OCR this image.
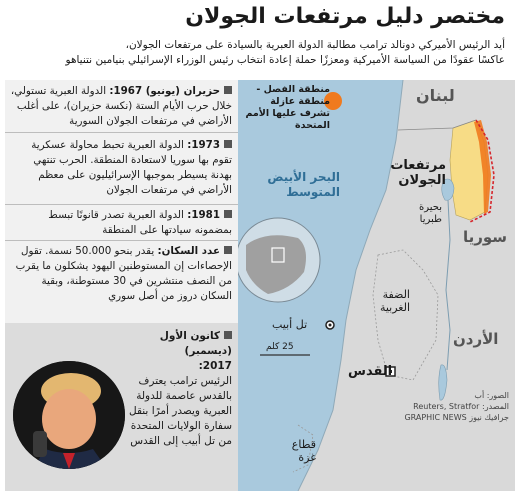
مختصر دليل مرتفعات الجولان
أيد الرئيس الأميركي دونالد ترامب مطالبة الدولة العبرية بالسيادة على مرتفعات الجولان،
عاكسًا عقودًا من السياسة الأميركية ومعززًا حملة إعادة انتخاب رئيس الوزراء الإسرائيلي بنيامين نتنياهو
منطقة الفصل - منطقة عازلة تشرف عليها الأمم المتحدة
لبنان
سوريا
الأردن
مرتفعات
الجولان
بحيرة
طبريا
البحر الأبيض
المتوسط
تل أبيب
القدس
الضفة
الغربية
قطاع
غزة
25 كلم
حزيران (يونيو) 1967: الدولة العبرية تستولي، خلال حرب الأيام الستة (نكسة حزيران)، على أغلب الأراضي في مرتفعات الجولان السورية
1973: الدولة العبرية تحبط محاولة عسكرية تقوم بها سوريا لاستعادة المنطقة. الحرب تنتهي بهدنة يسيطر بموجبها الإسرائيليون على معظم الأراضي في مرتفعات الجولان
1981: الدولة العبرية تصدر قانونًا تبسط بمضمونه سيادتها على المنطقة
عدد السكان: يقدر بنحو 50.000 نسمة. تقول الإحصاءات إن المستوطنين اليهود يشكلون ما يقرب من النصف منتشرين في 30 مستوطنة، وبقية السكان دروز من أصل سوري
كانون الأول (ديسمبر)
2017:
الرئيس ترامب يعترف بالقدس عاصمة للدولة العبرية ويصدر أمرًا بنقل سفارة الولايات المتحدة من تل أبيب إلى القدس
الصور: أب
المصدر: Reuters, Stratfor
جرافيك نيوز GRAPHIC NEWS
